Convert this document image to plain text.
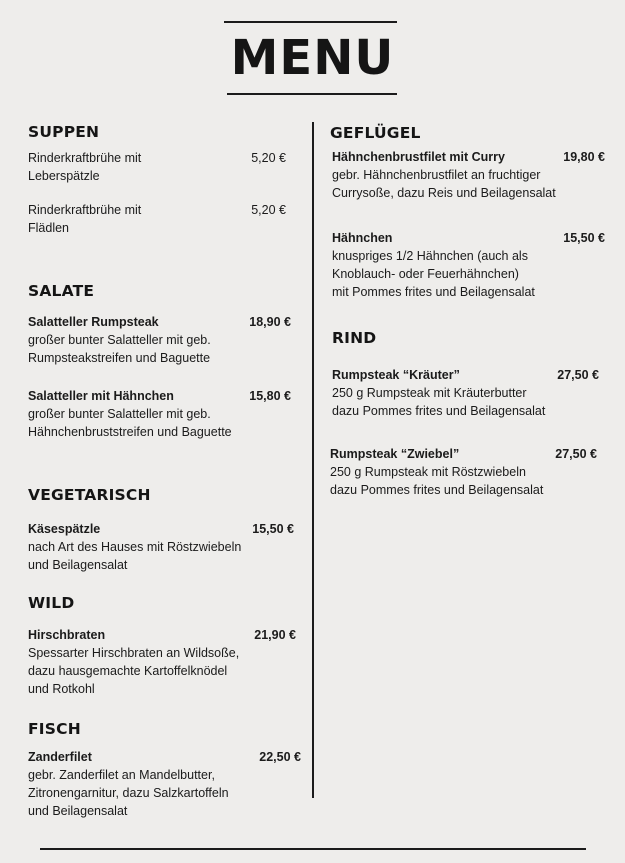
MENU
SUPPEN
Rinderkraftbrühe mit
Leberspätzle
5,20 €
Rinderkraftbrühe mit
Flädlen
5,20 €
SALATE
Salatteller Rumpsteak	18,90 €
großer bunter Salatteller mit geb.
Rumpsteakstreifen und Baguette
Salatteller mit Hähnchen	15,80 €
großer bunter Salatteller mit geb.
Hähnchenbruststreifen und Baguette
VEGETARISCH
Käsespätzle	15,50 €
nach Art des Hauses mit Röstzwiebeln
und Beilagensalat
WILD
Hirschbraten	21,90 €
Spessarter Hirschbraten an Wildsoße,
dazu hausgemachte Kartoffelknödel
und Rotkohl
FISCH
Zanderfilet	22,50 €
gebr. Zanderfilet an Mandelbutter,
Zitronengarnitur, dazu Salzkartoffeln
und Beilagensalat
GEFLÜGEL
Hähnchenbrustfilet mit Curry	19,80 €
gebr. Hähnchenbrustfilet an fruchtiger
Currysoße, dazu Reis und Beilagensalat
Hähnchen	15,50 €
knuspriges 1/2 Hähnchen (auch als
Knoblauch- oder Feuerhähnchen)
mit Pommes frites und Beilagensalat
RIND
Rumpsteak “Kräuter”	27,50 €
250 g Rumpsteak mit Kräuterbutter
dazu Pommes frites und Beilagensalat
Rumpsteak “Zwiebel”	27,50 €
250 g Rumpsteak mit Röstzwiebeln
dazu Pommes frites und Beilagensalat
